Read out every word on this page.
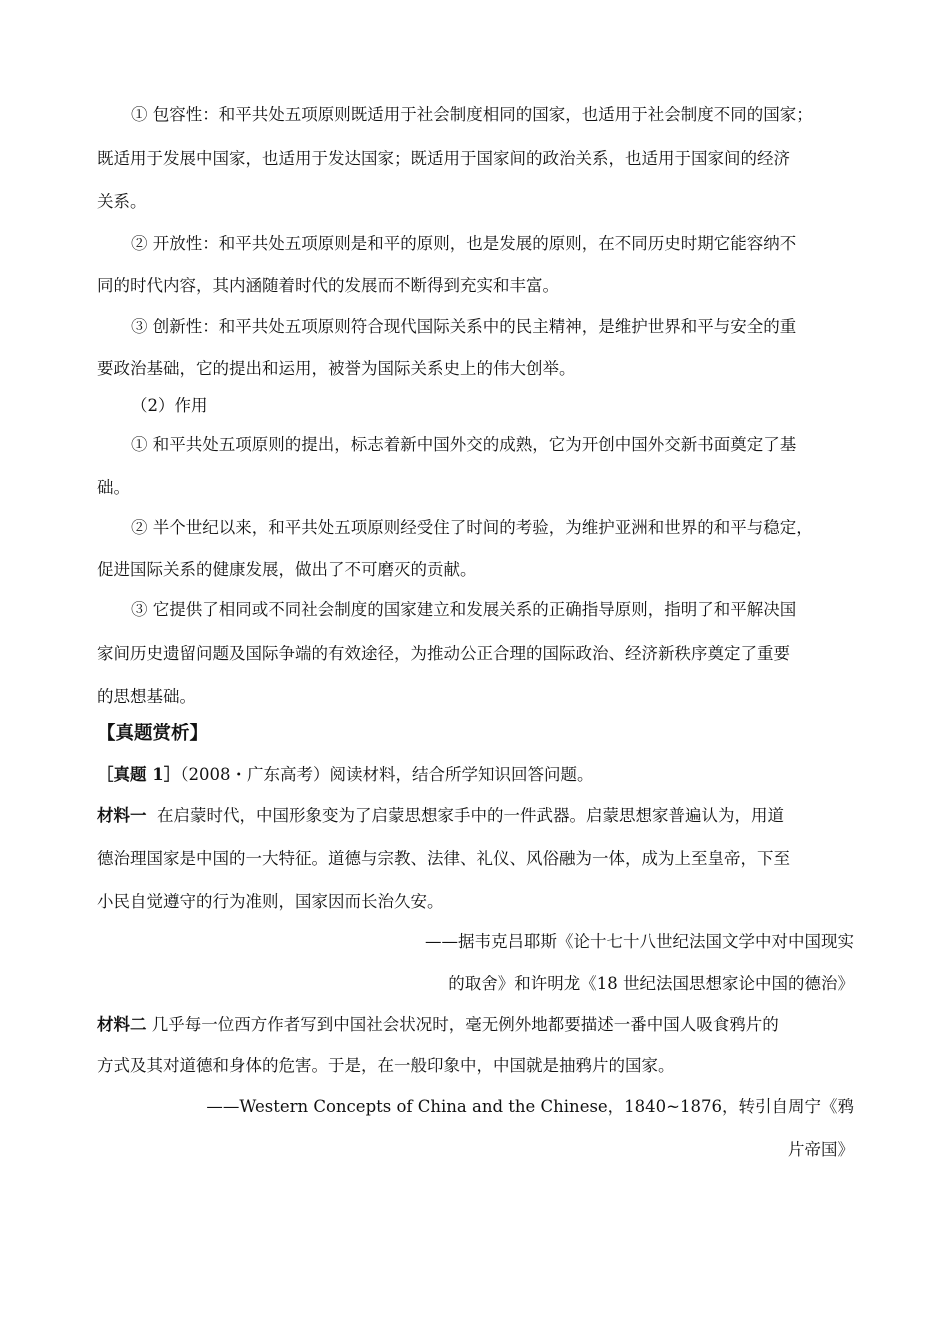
① 包容性：和平共处五项原则既适用于社会制度相同的国家，也适用于社会制度不同的国家；
既适用于发展中国家，也适用于发达国家；既适用于国家间的政治关系，也适用于国家间的经济
关系。
② 开放性：和平共处五项原则是和平的原则，也是发展的原则，在不同历史时期它能容纳不
同的时代内容，其内涵随着时代的发展而不断得到充实和丰富。
③ 创新性：和平共处五项原则符合现代国际关系中的民主精神，是维护世界和平与安全的重
要政治基础，它的提出和运用，被誉为国际关系史上的伟大创举。
（2）作用
① 和平共处五项原则的提出，标志着新中国外交的成熟，它为开创中国外交新书面奠定了基
础。
② 半个世纪以来，和平共处五项原则经受住了时间的考验，为维护亚洲和世界的和平与稳定，
促进国际关系的健康发展，做出了不可磨灭的贡献。
③ 它提供了相同或不同社会制度的国家建立和发展关系的正确指导原则，指明了和平解决国
家间历史遗留问题及国际争端的有效途径，为推动公正合理的国际政治、经济新秩序奠定了重要
的思想基础。
【真题赏析】
［真题 1］（2008・广东高考）阅读材料，结合所学知识回答问题。
材料一 在启蒙时代，中国形象变为了启蒙思想家手中的一件武器。启蒙思想家普遍认为，用道
德治理国家是中国的一大特征。道德与宗教、法律、礼仪、风俗融为一体，成为上至皇帝，下至
小民自觉遵守的行为准则，国家因而长治久安。
——据韦克吕耶斯《论十七十八世纪法国文学中对中国现实
的取舍》和许明龙《18 世纪法国思想家论中国的德治》
材料二 几乎每一位西方作者写到中国社会状况时，毫无例外地都要描述一番中国人吸食鸦片的
方式及其对道德和身体的危害。于是，在一般印象中，中国就是抽鸦片的国家。
——Western Concepts of China and the Chinese，1840~1876，转引自周宁《鸦
片帝国》
